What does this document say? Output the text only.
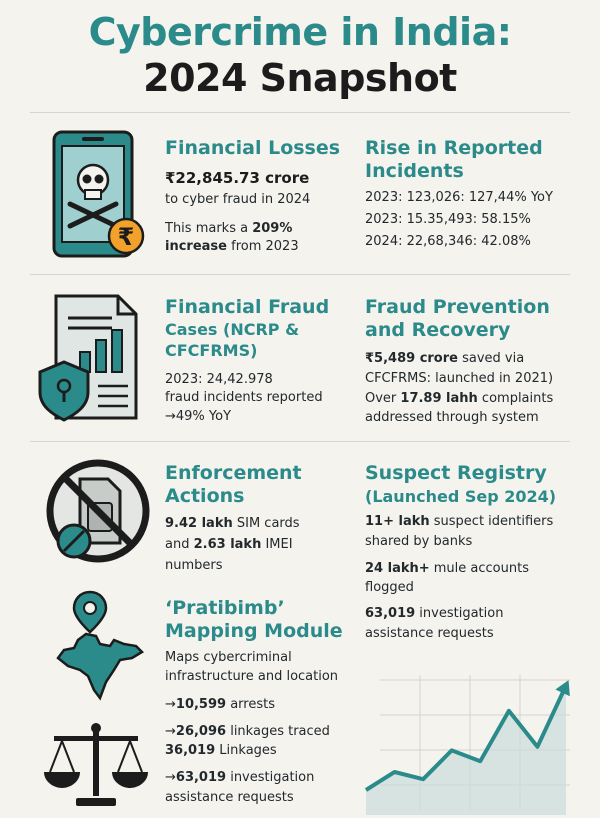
Cybercrime in India:
2024 Snapshot
₹
Financial Losses
₹22,845.73 crore
to cyber fraud in 2024
This marks a 209%
increase from 2023
Rise in Reported
Incidents
2023: 123,026: 127,44% YoY
2023: 15.35,493: 58.15%
2024: 22,68,346: 42.08%
Financial Fraud
Cases (NCRP &
CFCFRMS)
2023: 24,42.978
fraud incidents reported
→49% YoY
Fraud Prevention
and Recovery
₹5,489 crore saved via
CFCFRMS: launched in 2021)
Over 17.89 lahh complaints
addressed through system
Enforcement
Actions
9.42 lakh SIM cards
and 2.63 lakh IMEI
numbers
Suspect Registry
(Launched Sep 2024)
11+ lakh suspect identifiers
shared by banks
24 lakh+ mule accounts
flogged
63,019 investigation
assistance requests
‘Pratibimb’
Mapping Module
Maps cybercriminal
infrastructure and location
→10,599 arrests
→26,096 linkages traced
36,019 Linkages
→63,019 investigation
assistance requests
